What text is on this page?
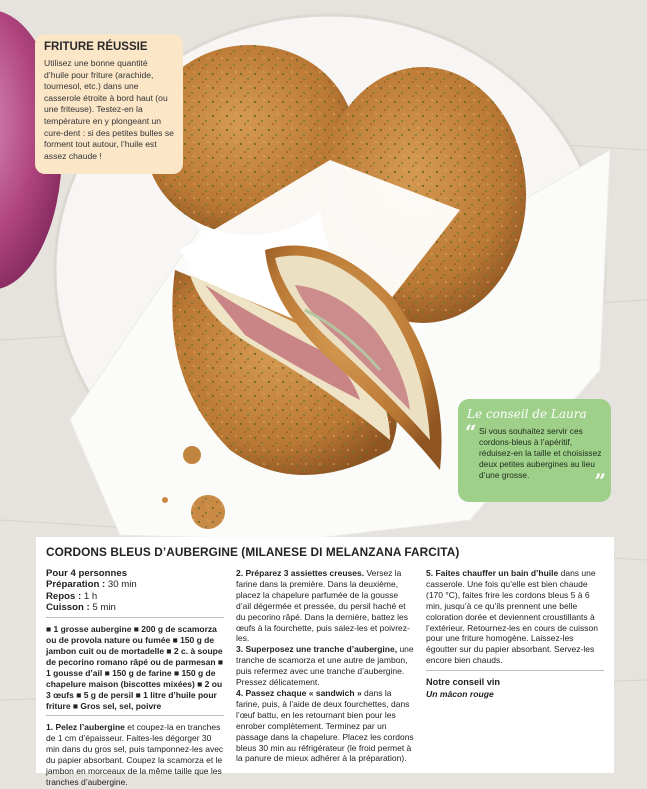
FRITURE RÉUSSIE

Utilisez une bonne quantité d’huile pour friture (arachide, tournesol, etc.) dans une casserole étroite à bord haut (ou une friteuse). Testez-en la température en y plongeant un cure-dent : si des petites bulles se forment tout autour, l’huile est assez chaude !

Le conseil de Laura

“ Si vous souhaitez servir ces cordons-bleus à l’apéritif, réduisez-en la taille et choisissez deux petites aubergines au lieu d’une grosse.	”

CORDONS BLEUS D’AUBERGINE (MILANESE DI MELANZANA FARCITA)

Pour 4 personnes

Préparation : 30 min

Repos : 1 h

Cuisson : 5 min

■ 1 grosse aubergine ■ 200 g de scamorza ou de provola nature ou fumée ■ 150 g de jambon cuit ou de mortadelle ■ 2 c. à soupe de pecorino romano râpé ou de parmesan ■ 1 gousse d’ail ■ 150 g de farine ■ 150 g de chapelure maison (biscottes mixées) ■ 2 ou 3 œufs ■ 5 g de persil ■ 1 litre d’huile pour friture ■ Gros sel, sel, poivre

1. Pelez l’aubergine et coupez-la en tranches de 1 cm d’épaisseur. Faites-les dégorger 30 min dans du gros sel, puis tamponnez-les avec du papier absorbant. Coupez la scamorza et le jambon en morceaux de la même taille que les tranches d’aubergine.

2. Préparez 3 assiettes creuses. Versez la farine dans la première. Dans la deuxième, placez la chapelure parfumée de la gousse d’ail dégermée et pressée, du persil haché et du pecorino râpé. Dans la dernière, battez les œufs à la fourchette, puis salez-les et poivrez-les.

3. Superposez une tranche d’aubergine, une tranche de scamorza et une autre de jambon, puis refermez avec une tranche d’aubergine. Pressez délicatement.

4. Passez chaque « sandwich » dans la farine, puis, à l’aide de deux fourchettes, dans l’œuf battu, en les retournant bien pour les enrober complètement. Terminez par un passage dans la chapelure. Placez les cordons bleus 30 min au réfrigérateur (le froid permet à la panure de mieux adhérer à la préparation).

5. Faites chauffer un bain d’huile dans une casserole. Une fois qu’elle est bien chaude (170 °C), faites frire les cordons bleus 5 à 6 min, jusqu’à ce qu’ils prennent une belle coloration dorée et deviennent croustillants à l’extérieur. Retournez-les en cours de cuisson pour une friture homogène. Laissez-les égoutter sur du papier absorbant. Servez-les encore bien chauds.

Notre conseil vin

Un mâcon rouge
